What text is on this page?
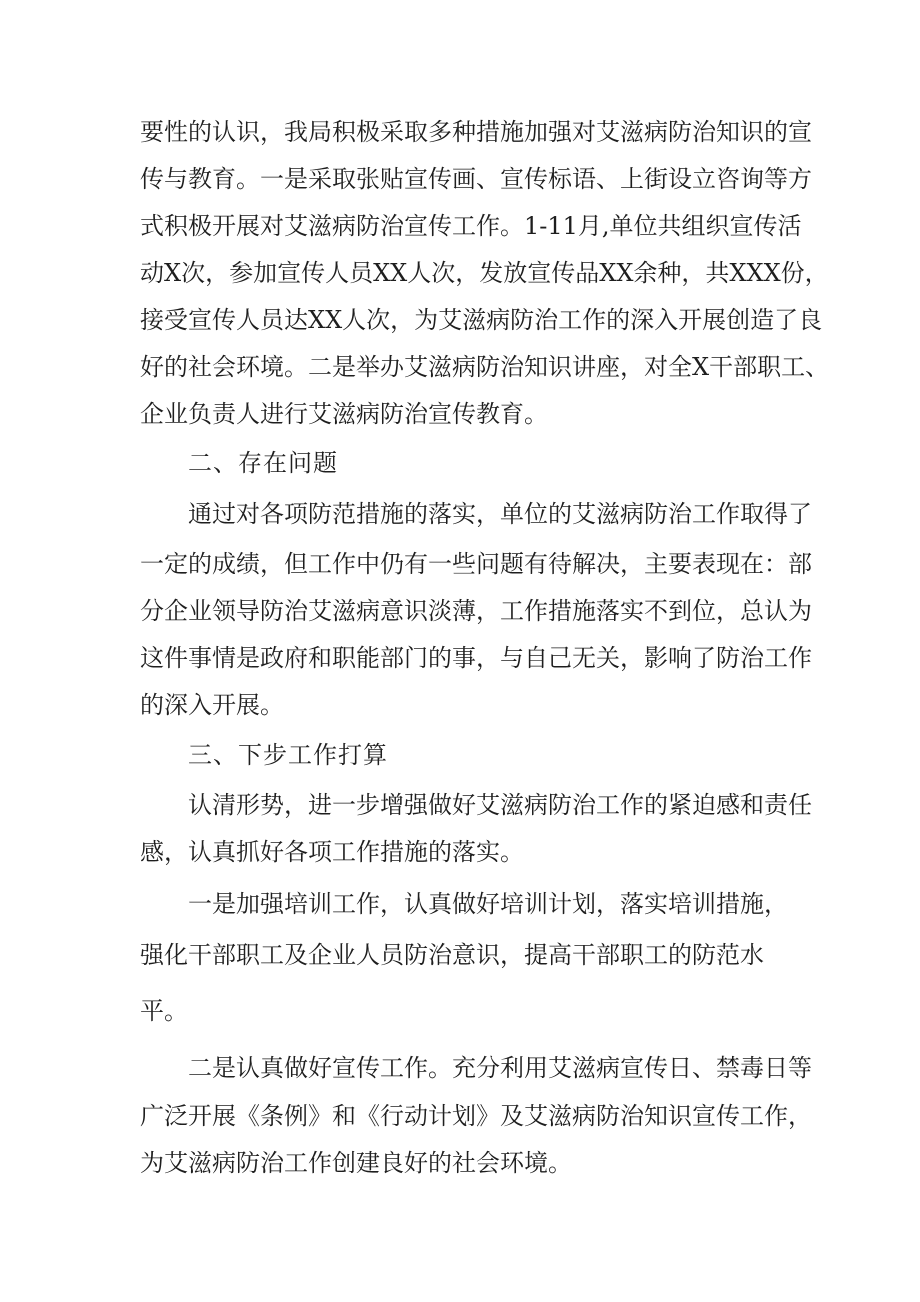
要性的认识，我局积极采取多种措施加强对艾滋病防治知识的宣
传与教育。一是采取张贴宣传画、宣传标语、上街设立咨询等方
式积极开展对艾滋病防治宣传工作。1-11月,单位共组织宣传活
动X次，参加宣传人员XX人次，发放宣传品XX余种，共XXX份，
接受宣传人员达XX人次，为艾滋病防治工作的深入开展创造了良
好的社会环境。二是举办艾滋病防治知识讲座，对全X干部职工、
企业负责人进行艾滋病防治宣传教育。
二、存在问题
通过对各项防范措施的落实，单位的艾滋病防治工作取得了
一定的成绩，但工作中仍有一些问题有待解决，主要表现在：部
分企业领导防治艾滋病意识淡薄，工作措施落实不到位，总认为
这件事情是政府和职能部门的事，与自己无关，影响了防治工作
的深入开展。
三、下步工作打算
认清形势，进一步增强做好艾滋病防治工作的紧迫感和责任
感，认真抓好各项工作措施的落实。
一是加强培训工作，认真做好培训计划，落实培训措施，
强化干部职工及企业人员防治意识，提高干部职工的防范水
平。
二是认真做好宣传工作。充分利用艾滋病宣传日、禁毒日等
广泛开展《条例》和《行动计划》及艾滋病防治知识宣传工作，
为艾滋病防治工作创建良好的社会环境。
